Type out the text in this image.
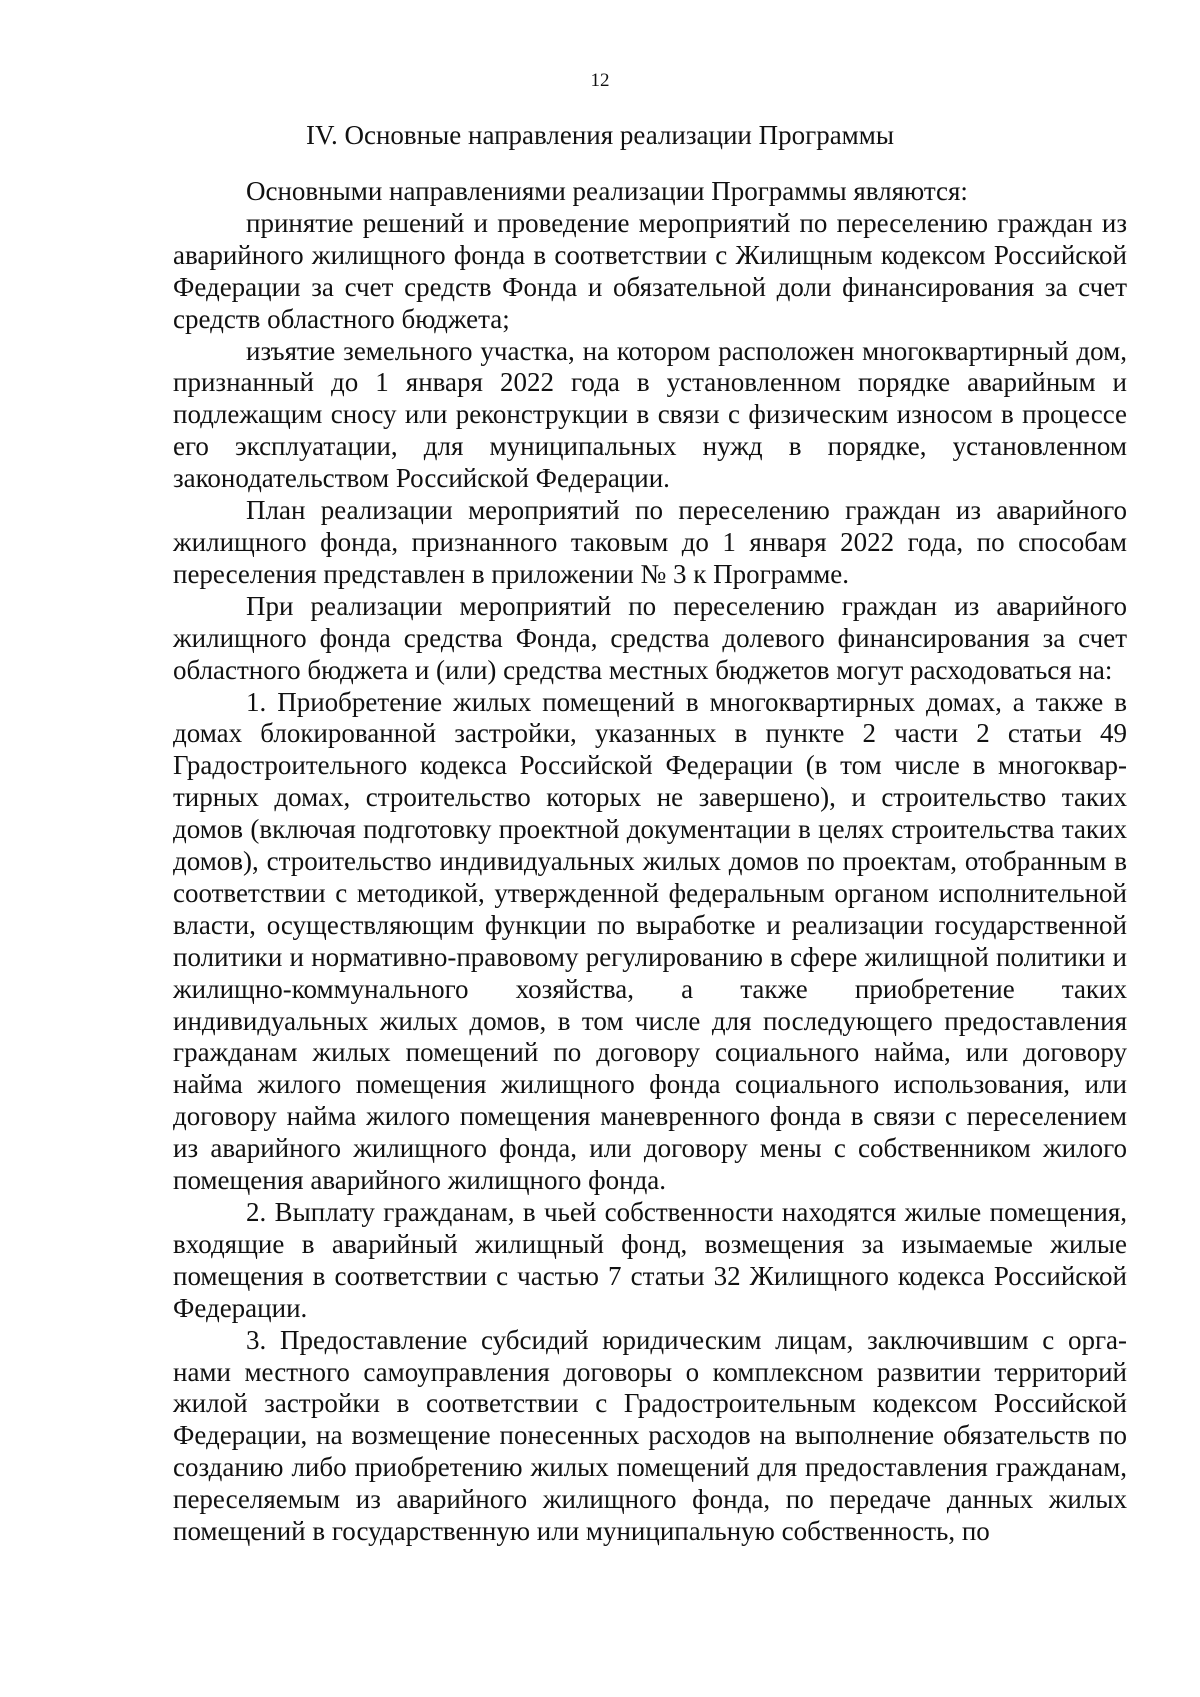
12
IV. Основные направления реализации Программы

Основными направлениями реализации Программы являются:

принятие решений и проведение мероприятий по переселению граждан из аварийного жилищного фонда в соответствии с Жилищным кодексом Российской Федерации за счет средств Фонда и обязательной доли финансирования за счет средств областного бюджета;

изъятие земельного участка, на котором расположен многоквартирный дом, признанный до 1 января 2022 года в установленном порядке аварийным и подлежащим сносу или реконструкции в связи с физическим износом в процессе его эксплуатации, для муниципальных нужд в порядке, установленном законодательством Российской Федерации.

План реализации мероприятий по переселению граждан из аварийного жилищного фонда, признанного таковым до 1 января 2022 года, по способам переселения представлен в приложении № 3 к Программе.

При реализации мероприятий по переселению граждан из аварийного жилищного фонда средства Фонда, средства долевого финансирования за счет областного бюджета и (или) средства местных бюджетов могут расходоваться на:

1. Приобретение жилых помещений в многоквартирных домах, а также в домах блокированной застройки, указанных в пункте 2 части 2 статьи 49 Градостроительного кодекса Российской Федерации (в том числе в многоквартирных домах, строительство которых не завершено), и строительство таких домов (включая подготовку проектной документации в целях строительства таких домов), строительство индивидуальных жилых домов по проектам, отобранным в соответствии с методикой, утвержденной федеральным органом исполнительной власти, осуществляющим функции по выработке и реализации государственной политики и нормативно-правовому регулированию в сфере жилищной политики и жилищно-коммунального хозяйства, а также приобретение таких индивидуальных жилых домов, в том числе для последующего предоставления гражданам жилых помещений по договору социального найма, или договору найма жилого помещения жилищного фонда социального использования, или договору найма жилого помещения маневренного фонда в связи с переселением из аварийного жилищного фонда, или договору мены с собственником жилого помещения аварийного жилищного фонда.

2. Выплату гражданам, в чьей собственности находятся жилые помещения, входящие в аварийный жилищный фонд, возмещения за изымаемые жилые помещения в соответствии с частью 7 статьи 32 Жилищного кодекса Российской Федерации.

3. Предоставление субсидий юридическим лицам, заключившим с органами местного самоуправления договоры о комплексном развитии территорий жилой застройки в соответствии с Градостроительным кодексом Российской Федерации, на возмещение понесенных расходов на выполнение обязательств по созданию либо приобретению жилых помещений для предоставления гражданам, переселяемым из аварийного жилищного фонда, по передаче данных жилых помещений в государственную или муниципальную собственность, по
